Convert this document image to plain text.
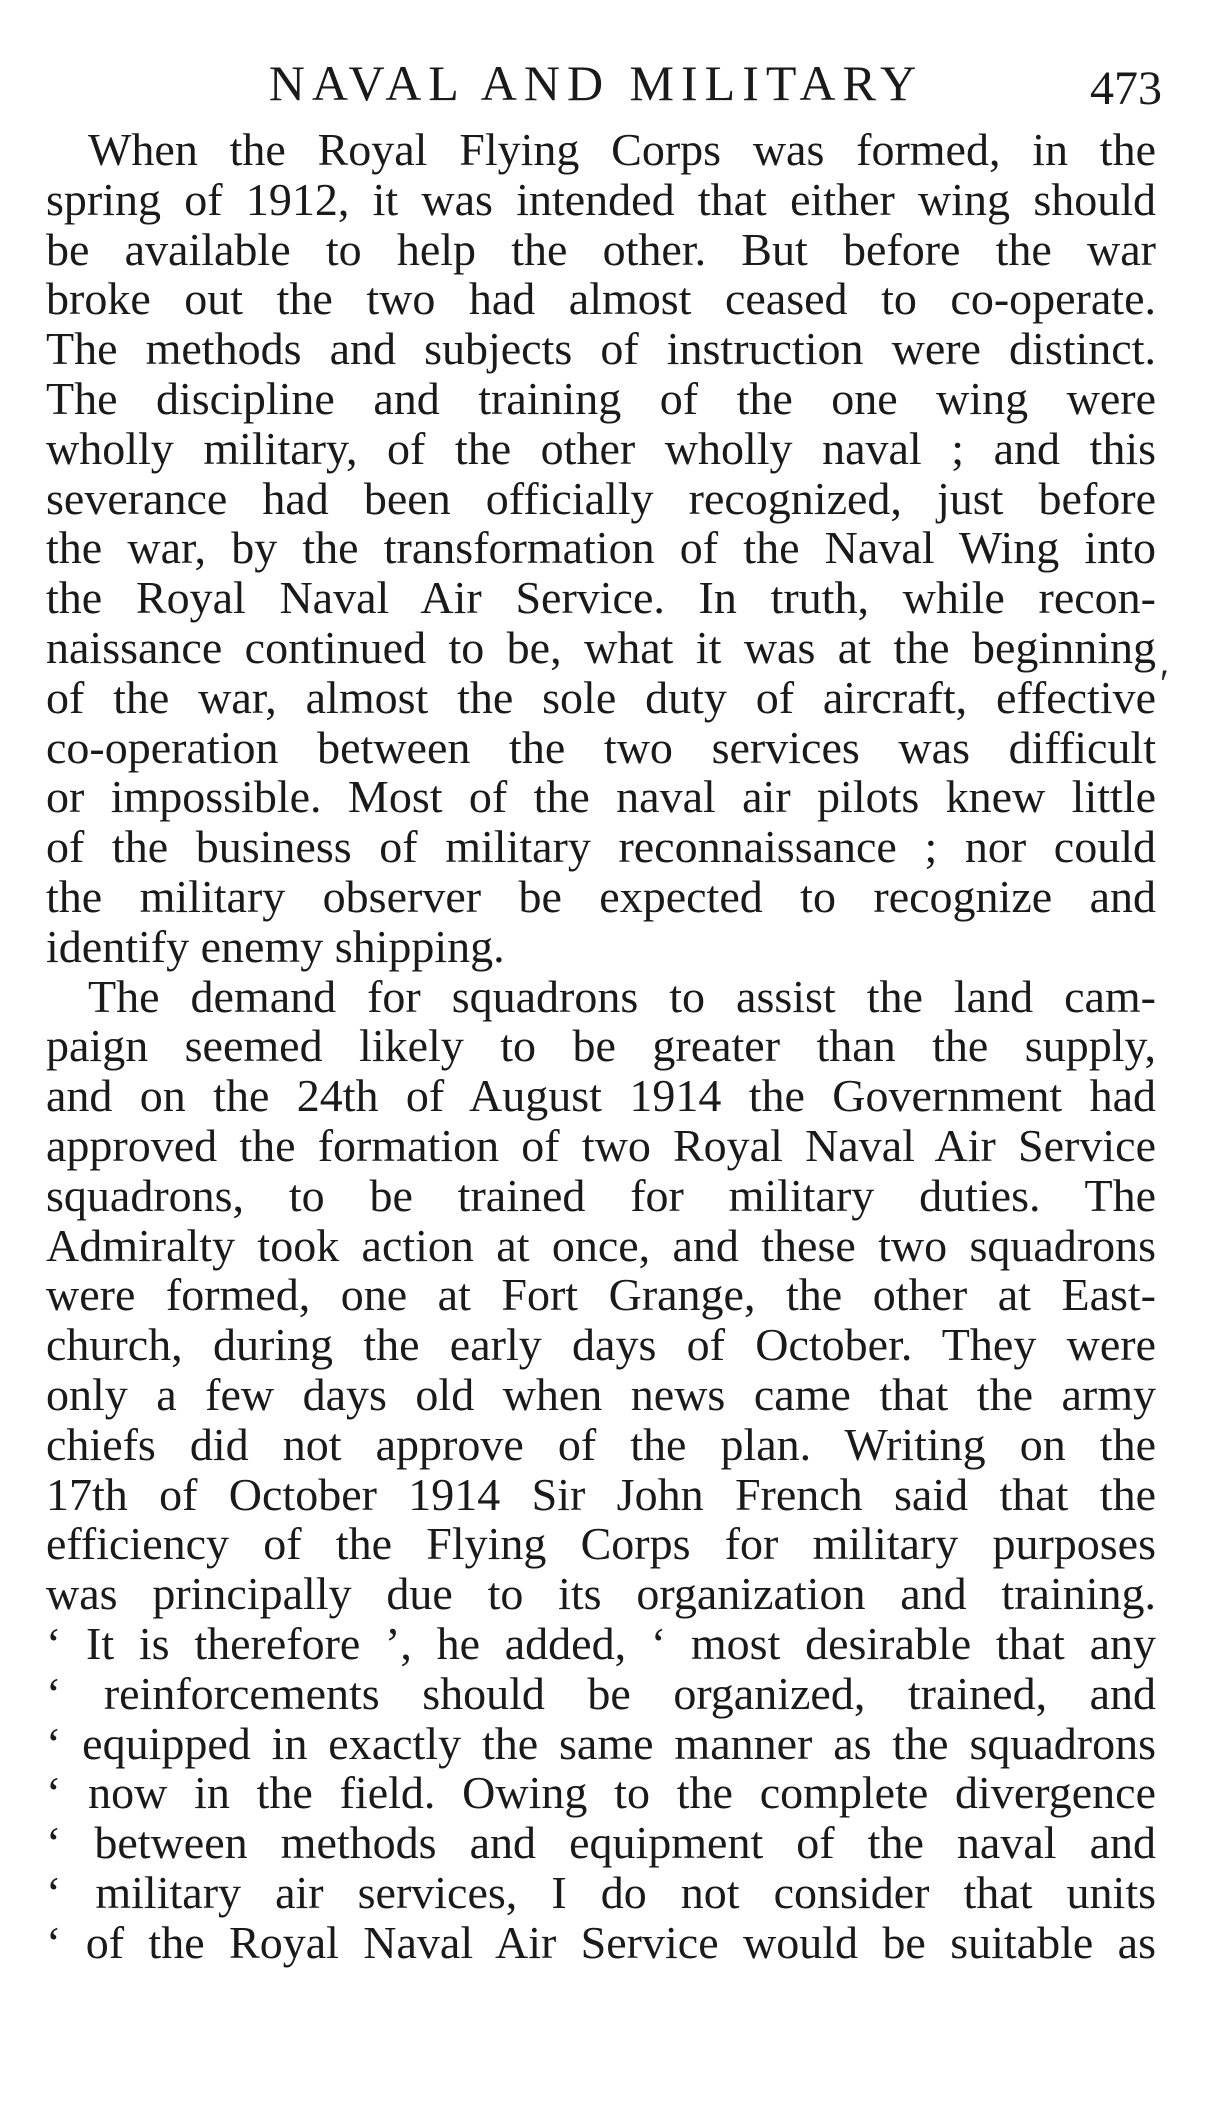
NAVAL AND MILITARY	473
When the Royal Flying Corps was formed, in the
spring of 1912, it was intended that either wing should
be available to help the other. But before the war
broke out the two had almost ceased to co-operate.
The methods and subjects of instruction were distinct.
The discipline and training of the one wing were
wholly military, of the other wholly naval ; and this
severance had been officially recognized, just before
the war, by the transformation of the Naval Wing into
the Royal Naval Air Service. In truth, while recon-
naissance continued to be, what it was at the beginning
of the war, almost the sole duty of aircraft, effective
co-operation between the two services was difficult
or impossible. Most of the naval air pilots knew little
of the business of military reconnaissance ; nor could
the military observer be expected to recognize and
identify enemy shipping.
The demand for squadrons to assist the land cam-
paign seemed likely to be greater than the supply,
and on the 24th of August 1914 the Government had
approved the formation of two Royal Naval Air Service
squadrons, to be trained for military duties. The
Admiralty took action at once, and these two squadrons
were formed, one at Fort Grange, the other at East-
church, during the early days of October. They were
only a few days old when news came that the army
chiefs did not approve of the plan. Writing on the
17th of October 1914 Sir John French said that the
efficiency of the Flying Corps for military purposes
was principally due to its organization and training.
‘ It is therefore ’, he added, ‘ most desirable that any
‘ reinforcements should be organized, trained, and
‘ equipped in exactly the same manner as the squadrons
‘ now in the field. Owing to the complete divergence
‘ between methods and equipment of the naval and
‘ military air services, I do not consider that units
‘ of the Royal Naval Air Service would be suitable as
ʹ
